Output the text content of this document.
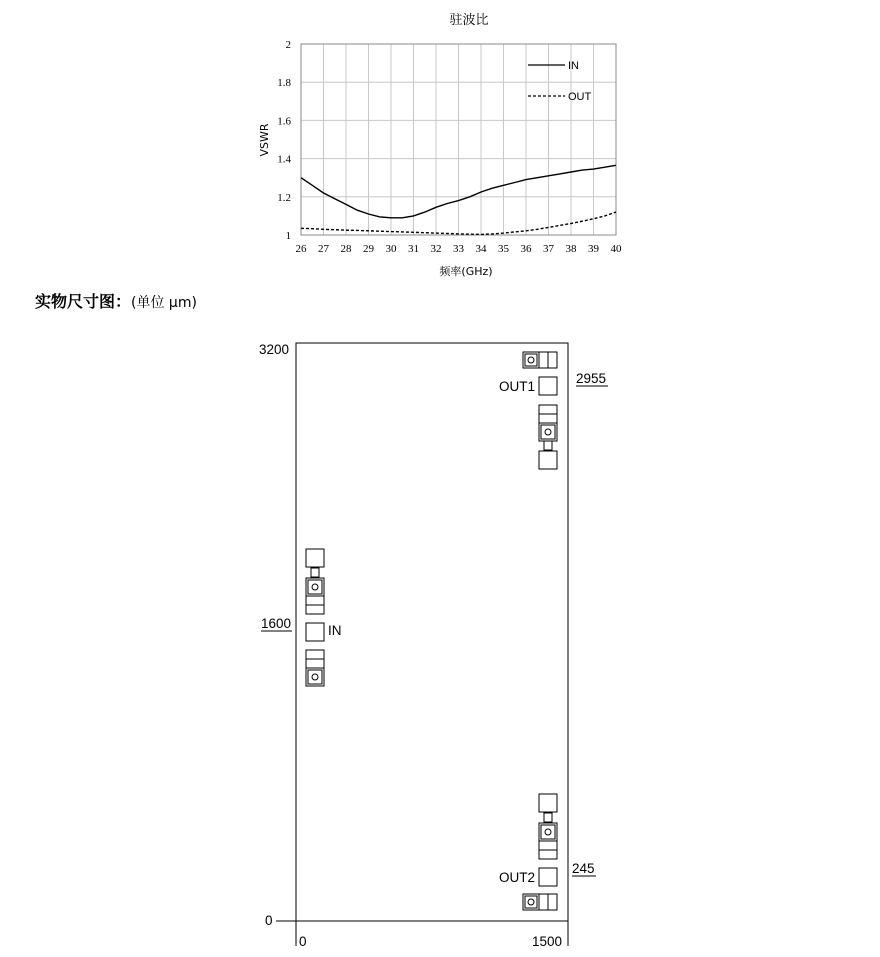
驻波比
26 27 28 29 30 31 32 33 34 35 36 37 38 39 40
1
1.2
1.4
1.6
1.8
2
频率(GHz)
VSWR
IN
OUT
实物尺寸图：(单位 μm)
3200
1600
0
0	1500
IN
OUT1
OUT2
2955
245
